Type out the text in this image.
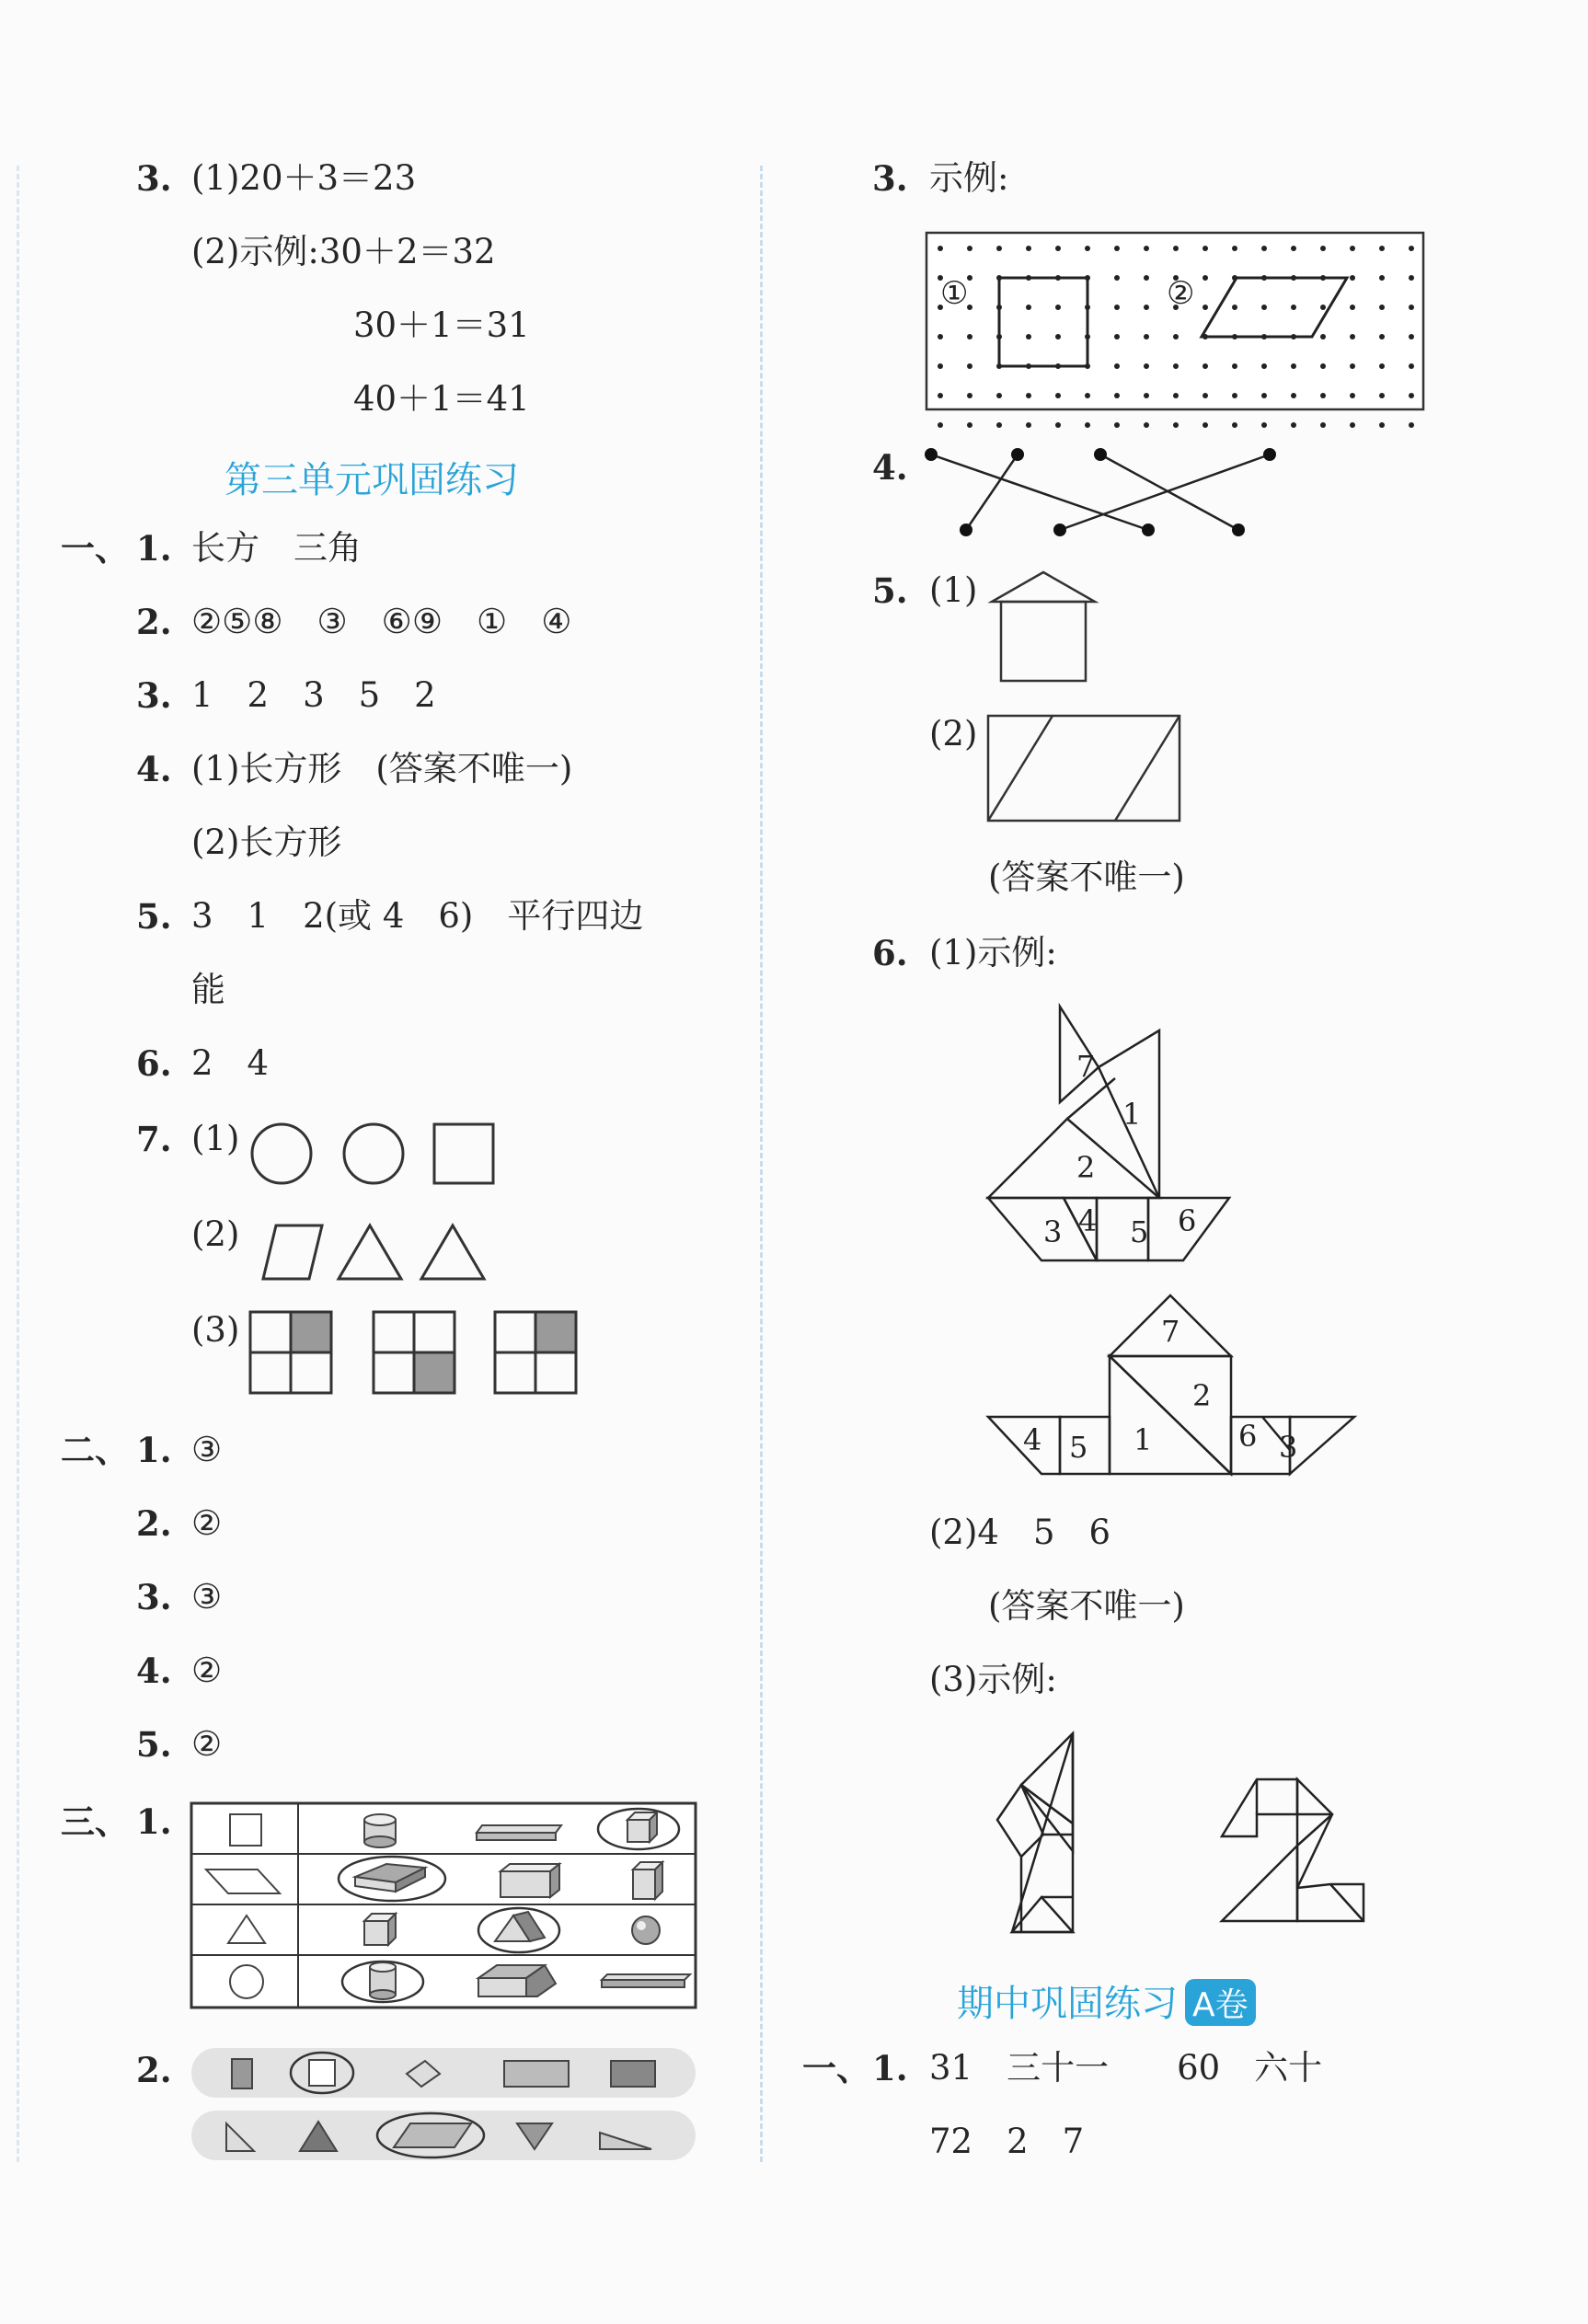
3. (1)20＋3＝23
(2)示例:30＋2＝32
30＋1＝31
40＋1＝41
第三单元巩固练习
一、 1. 长方　三角
2. ②⑤⑧　③　⑥⑨　①　④
3. 1　2　3　5　2
4. (1)长方形　(答案不唯一)
(2)长方形
5. 3　1　2(或 4　6)　平行四边
能
6. 2　4
7. (1)
(2)
(3)
二、 1. ③
2. ②
3. ③
4. ②
5. ②
三、 1.
2.
3. 示例:
①	②
4.
5. (1)
(2)
(答案不唯一)
6. (1)示例:
7
1
2
3 4 5 6
7
2
4 5 1	6 3
(2)4　5　6
(答案不唯一)
(3)示例:
期中巩固练习 A卷
一、 1. 31　三十一　　60　六十
72　2　7
